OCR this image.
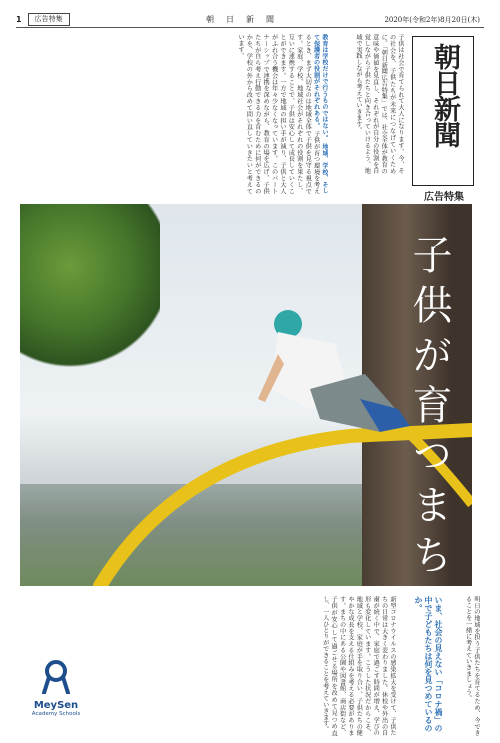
1	広告特集	朝日新聞	2020年(令和2年)8月20日(木)
教育は学校だけで行うものではない。 地域、学校、そして保護者の役割がそれぞれある。 子供が育つ環境を考えるとき、まず大切なのは地域全体で子供を見守る視点です。家庭、学校、地域社会がそれぞれの役割を果たし、互いに連携することで、子供は安心して成長していくことができます。一方で地域の担い手が減り、子供と大人がふれ合う機会は年々少なくなっています。このパートナーシップで連携を深めながら、教育の場を広げ、子供たちが自ら考え行動できる力を育むために何ができるのかを、学校の外から改めて問い直していきたいと考えています。	子供は社会で育てられて大人になります。今、その社会を、子供たちが未来につなげていくために。「朝日新聞広告特集」では、社会全体が教育の意味や価値を見直し、それぞれが自分の役割を自覚しながら子供たちと向き合っていけるよう、地域で実践しながら考えていきます。	朝日新聞
広告特集
子供が育つまち
新型コロナウイルスの感染拡大を受けて、子供たちの日常は大きく変わりました。休校や外出の自粛が続く中で、家庭で過ごす時間が増え、学びの形も変化しています。こうした状況だからこそ、地域と学校、家庭が手を取り合い、子供たちの健やかな成長を支える仕組みを考える必要があります。まちの中にある公園や図書館、商店街など、子供が安心して過ごせる場所を改めて見つめ直し、一人ひとりができることを考えていきます。	いま、社会の見えない「コロナ禍」の中で子どもたちは何を見つめているのか。	明日の地域を担う子供たちを育てるため、今できることを一緒に考えていきましょう。
MeySen
Academy Schools
